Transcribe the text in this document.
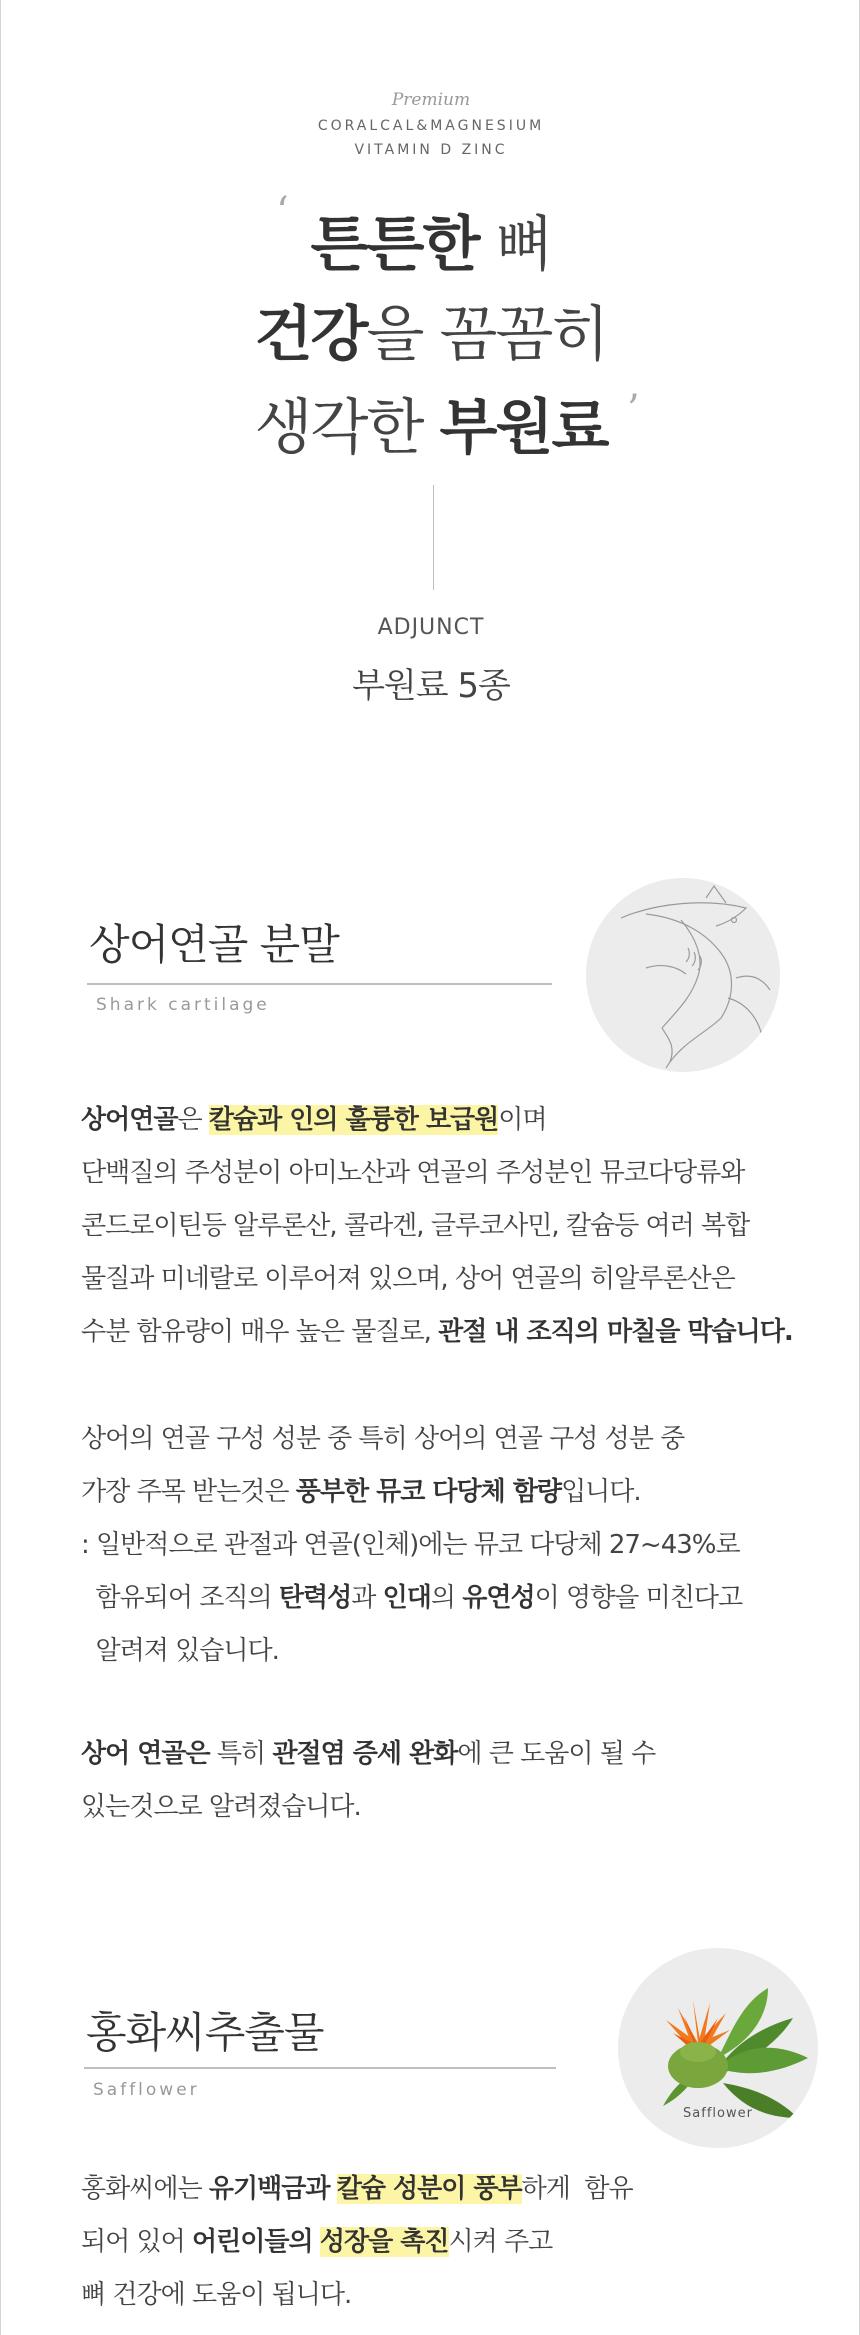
Premium
CORALCAL&MAGNESIUM
VITAMIN D ZINC
‘ 튼튼한 뼈
건강을 꼼꼼히
생각한 부원료 ’
ADJUNCT
부원료 5종
상어연골 분말
Shark cartilage
상어연골은 칼슘과 인의 훌륭한 보급원이며
단백질의 주성분이 아미노산과 연골의 주성분인 뮤코다당류와
콘드로이틴등 알루론산, 콜라겐, 글루코사민, 칼슘등 여러 복합
물질과 미네랄로 이루어져 있으며, 상어 연골의 히알루론산은
수분 함유량이 매우 높은 물질로, 관절 내 조직의 마칠을 막습니다.
상어의 연골 구성 성분 중 특히 상어의 연골 구성 성분 중
가장 주목 받는것은 풍부한 뮤코 다당체 함량입니다.
: 일반적으로 관절과 연골(인체)에는 뮤코 다당체 27~43%로
함유되어 조직의 탄력성과 인대의 유연성이 영향을 미친다고
알려져 있습니다.
상어 연골은 특히 관절염 증세 완화에 큰 도움이 될 수
있는것으로 알려졌습니다.
홍화씨추출물
Safflower
Safflower
홍화씨에는 유기백금과 칼슘 성분이 풍부하게  함유
되어 있어 어린이들의 성장을 촉진시켜 주고
뼈 건강에 도움이 됩니다.
